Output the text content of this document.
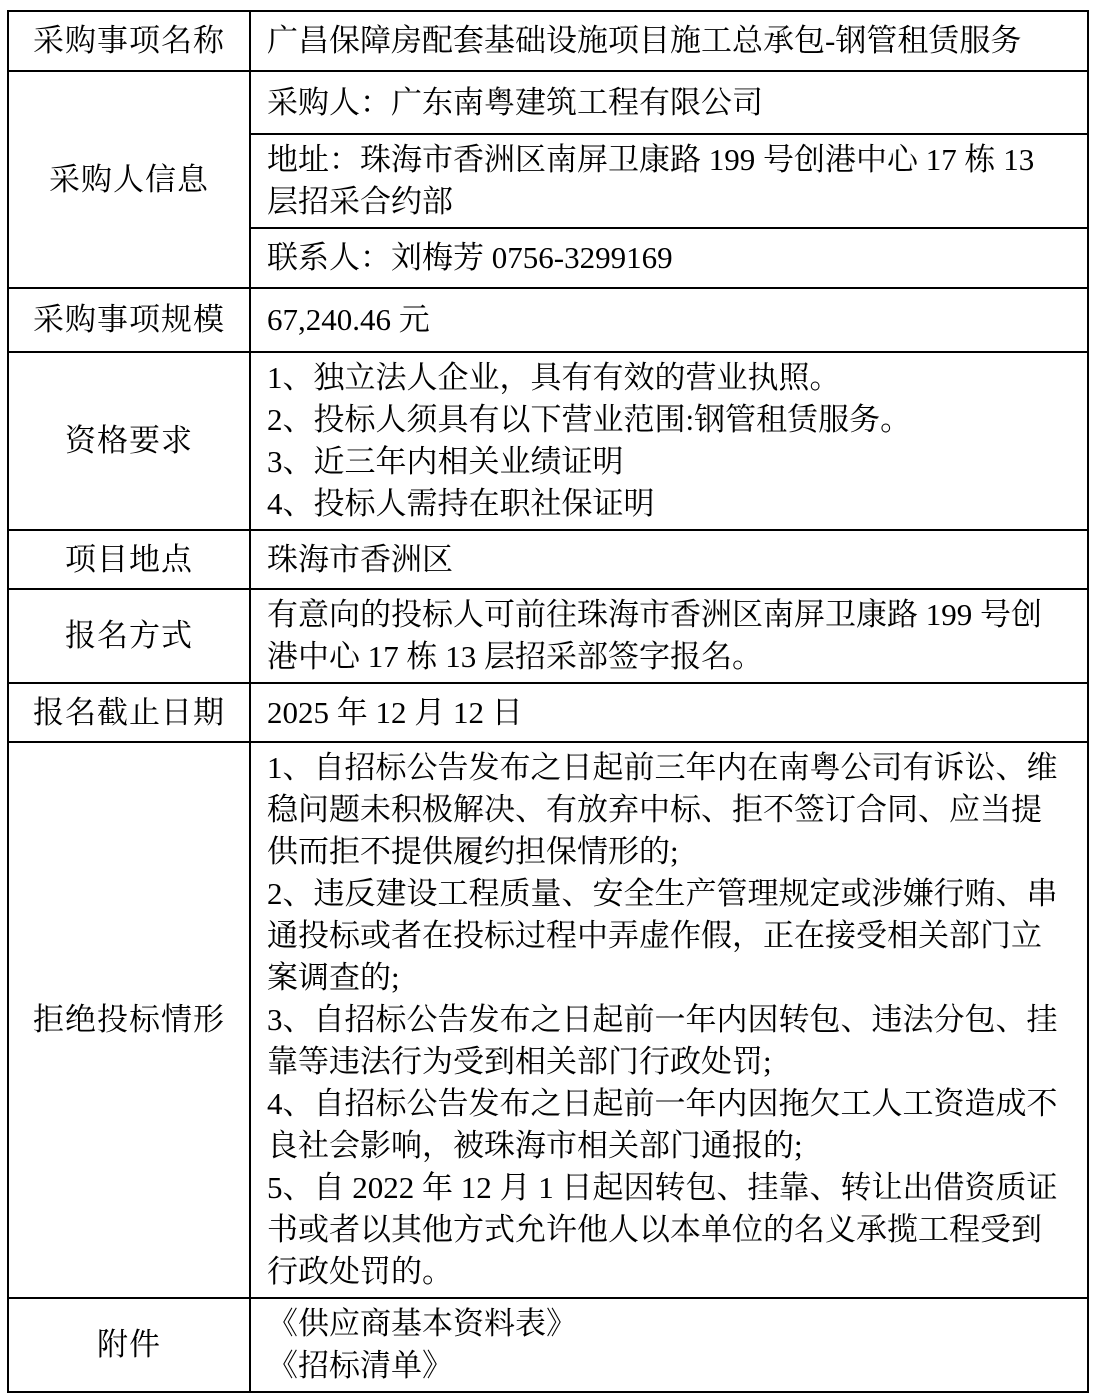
采购事项名称	广昌保障房配套基础设施项目施工总承包-钢管租赁服务
采购人信息	采购人：广东南粤建筑工程有限公司
	地址：珠海市香洲区南屏卫康路 199 号创港中心 17 栋 13 层招采合约部
	联系人：刘梅芳 0756-3299169
采购事项规模	67,240.46 元
资格要求	1、独立法人企业，具有有效的营业执照。

2、投标人须具有以下营业范围:钢管租赁服务。

3、近三年内相关业绩证明

4、投标人需持在职社保证明

项目地点	珠海市香洲区
报名方式	有意向的投标人可前往珠海市香洲区南屏卫康路 199 号创港中心 17 栋 13 层招采部签字报名。
报名截止日期	2025 年 12 月 12 日
拒绝投标情形	1、自招标公告发布之日起前三年内在南粤公司有诉讼、维稳问题未积极解决、有放弃中标、拒不签订合同、应当提供而拒不提供履约担保情形的;

2、违反建设工程质量、安全生产管理规定或涉嫌行贿、串通投标或者在投标过程中弄虚作假，正在接受相关部门立案调查的;

3、自招标公告发布之日起前一年内因转包、违法分包、挂靠等违法行为受到相关部门行政处罚;

4、自招标公告发布之日起前一年内因拖欠工人工资造成不良社会影响，被珠海市相关部门通报的;

5、自 2022 年 12 月 1 日起因转包、挂靠、转让出借资质证书或者以其他方式允许他人以本单位的名义承揽工程受到行政处罚的。

附件	《供应商基本资料表》

《招标清单》
